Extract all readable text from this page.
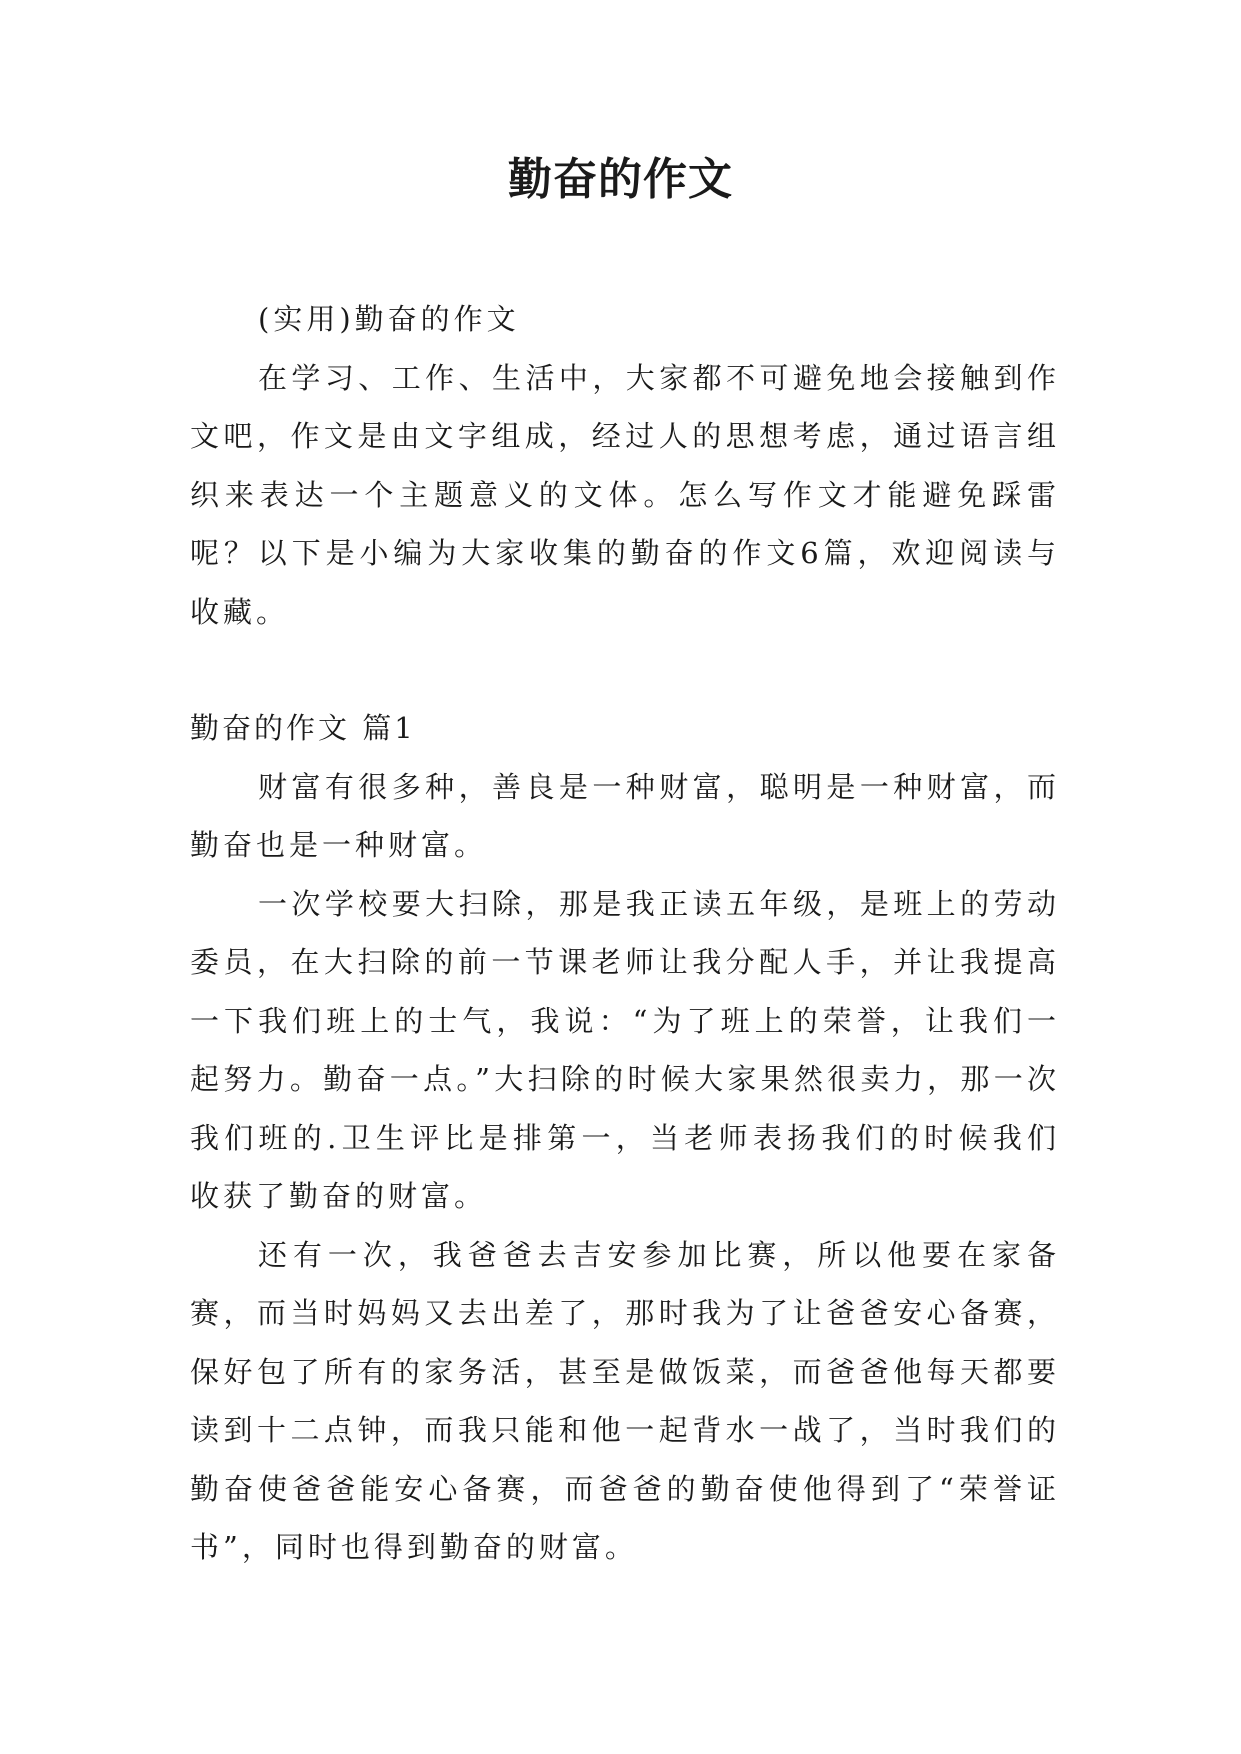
勤奋的作文

(实用)勤奋的作文

在学习、工作、生活中，大家都不可避免地会接触到作文吧，作文是由文字组成，经过人的思想考虑，通过语言组织来表达一个主题意义的文体。怎么写作文才能避免踩雷呢？以下是小编为大家收集的勤奋的作文6篇，欢迎阅读与收藏。

勤奋的作文 篇1

财富有很多种，善良是一种财富，聪明是一种财富，而勤奋也是一种财富。

一次学校要大扫除，那是我正读五年级，是班上的劳动委员，在大扫除的前一节课老师让我分配人手，并让我提高一下我们班上的士气，我说：“为了班上的荣誉，让我们一起努力。勤奋一点。”大扫除的时候大家果然很卖力，那一次我们班的.卫生评比是排第一，当老师表扬我们的时候我们收获了勤奋的财富。

还有一次，我爸爸去吉安参加比赛，所以他要在家备赛，而当时妈妈又去出差了，那时我为了让爸爸安心备赛，保好包了所有的家务活，甚至是做饭菜，而爸爸他每天都要读到十二点钟，而我只能和他一起背水一战了，当时我们的勤奋使爸爸能安心备赛，而爸爸的勤奋使他得到了“荣誉证书”，同时也得到勤奋的财富。
